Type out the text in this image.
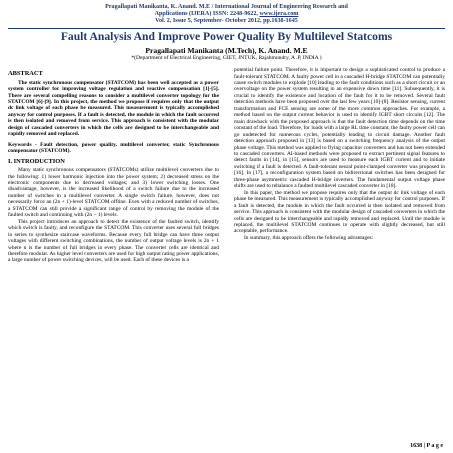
Pragallapati Manikanta, K. Anand. M.E / International Journal of Engineering Research and
Applications (IJERA) ISSN: 2248-9622, www.ijera.com
Vol. 2, Issue 5, September- October 2012, pp.1638-1645
Fault Analysis And Improve Power Quality By Multilevel Statcoms
Pragallapati Manikanta (M.Tech), K. Anand. M.E
*(Department of Electrical Engineering, GIET, JNTUK, Rajahmundry, A .P, INDIA )
ABSTRACT

The static synchronous compensator (STATCOM) has been well accepted as a power system controller for improving voltage regulation and reactive compensation [1]-[5]. There are several compelling reasons to consider a multilevel converter topology for the STATCOM [6]-[9]. In this project, the method we propose if requires only that the output dc link voltage of each phase be measured. This measurement is typically accomplished anyway for control purposes. If a fault is detected, the module in which the fault occurred is then isolated and removed from service. This approach is consistent with the modular design of cascaded converters in which the cells are designed to be interchangeable and rapidly removed and replaced.

Keywords - Fault detection, power quality, multilevel converter, static Synchronous compensator (STATCOM).

I. INTRODUCTION

Many static synchronous compensators (STATCOMs) utilize multilevel converters due to the following: 1) lower harmonic injection into the power system; 2) decreased stress on the electronic components due to decreased voltages; and 3) lower switching losses. One disadvantage, however, is the increased likelihood of a switch failure due to the increased number of switches in a multilevel converter. A single switch failure, however, does not necessarily force an (2n + 1)-level STATCOM offline. Even with a reduced number of switches, a STATCOM can still provide a significant range of control by removing the module of the faulted switch and continuing with (2n − 1) levels.

This project introduces an approach to detect the existence of the faulted switch, identify which switch is faulty, and reconfigure the STATCOM. This converter uses several full bridges in series to synthesize staircase waveforms. Because every full bridge can have three output voltages with different switching combinations, the number of output voltage levels is 2n + 1 where n is the number of full bridges in every phase. The converter cells are identical and therefore modular. As higher level converters are used for high output rating power applications, a large number of power switching devices, will be used. Each of these devices is a

potential failure point. Therefore, it is important to design a sophisticated control to produce a fault-tolerant STATCOM. A faulty power cell in a cascaded H-bridge STATCOM can potentially cause switch modules to explode [10] leading to the fault conditions such as a short circuit or an overvoltage on the power system resulting in an expensive down time [11]. Subsequently, it is crucial to identify the existence and location of the fault for it to be removed. Several fault detection methods have been proposed over the last few years [10]-[8]. Resistor sensing, current transformation and FCE sensing are some of the more common approaches. For example, a method based on the output current behavior is used to identify IGBT short circuits [12]. The main drawback with the proposed approach is that the fault detection time depends on the time constant of the load. Therefore, for loads with a large RL time constant, the faulty power cell can go undetected for numerous cycles, potentially leading to circuit damage. Another fault detection approach proposed in [13] is based on a switching frequency analysis of the output phase voltage. This method was applied to flying capacitor converters and has not been extended to cascaded converters. AI-based methods were proposed to extract pertinent signal features to detect faults in [14], in [15], sensors are used to measure each IGBT current and to initiate switching if a fault is detected. A fault-tolerant neural point-clamped converter was proposed in [16]. In [17], a reconfiguration system based on bidirectional switches has been designed for three-phase asymmetric cascaded H-bridge inverters. The fundamental output voltage phase shifts are used to rebalance a faulted multilevel cascaded converter in [18].

In this paper, the method we propose requires only that the output dc link voltage of each phase be measured. This measurement is typically accomplished anyway for control purposes. If a fault is detected, the module in which the fault occurred is then isolated and removed from service. This approach is consistent with the modular design of cascaded converters in which the cells are designed to be interchangeable and rapidly removed and replaced. Until the module is replaced, the multilevel STATCOM continues to operate with slightly decreased, but still acceptable, performance.

In summary, this approach offers the following advantages:

1638 | P a g e
